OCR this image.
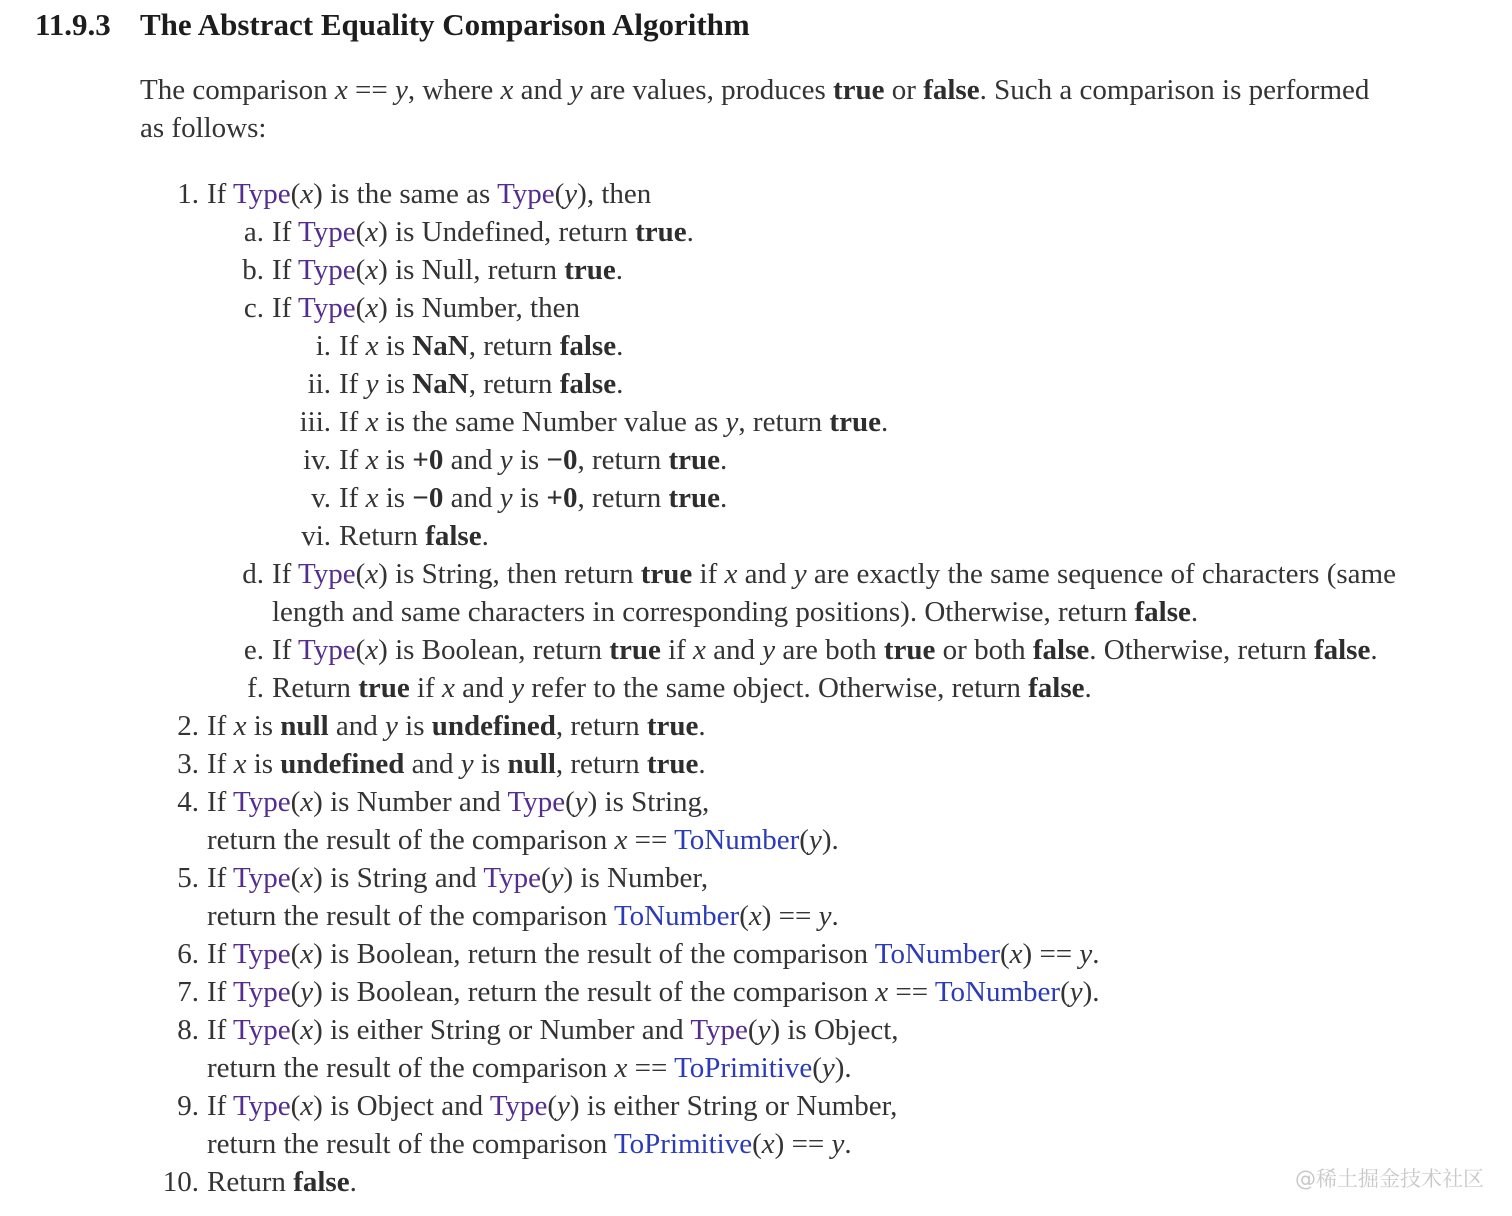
11.9.3 The Abstract Equality Comparison Algorithm
The comparison x == y, where x and y are values, produces true or false. Such a comparison is performed
as follows:
1. If Type(x) is the same as Type(y), then
a. If Type(x) is Undefined, return true.
b. If Type(x) is Null, return true.
c. If Type(x) is Number, then
i. If x is NaN, return false.
ii. If y is NaN, return false.
iii. If x is the same Number value as y, return true.
iv. If x is +0 and y is −0, return true.
v. If x is −0 and y is +0, return true.
vi. Return false.
d. If Type(x) is String, then return true if x and y are exactly the same sequence of characters (same
length and same characters in corresponding positions). Otherwise, return false.
e. If Type(x) is Boolean, return true if x and y are both true or both false. Otherwise, return false.
f. Return true if x and y refer to the same object. Otherwise, return false.
2. If x is null and y is undefined, return true.
3. If x is undefined and y is null, return true.
4. If Type(x) is Number and Type(y) is String,
return the result of the comparison x == ToNumber(y).
5. If Type(x) is String and Type(y) is Number,
return the result of the comparison ToNumber(x) == y.
6. If Type(x) is Boolean, return the result of the comparison ToNumber(x) == y.
7. If Type(y) is Boolean, return the result of the comparison x == ToNumber(y).
8. If Type(x) is either String or Number and Type(y) is Object,
return the result of the comparison x == ToPrimitive(y).
9. If Type(x) is Object and Type(y) is either String or Number,
return the result of the comparison ToPrimitive(x) == y.
10. Return false.	@稀土掘金技术社区
